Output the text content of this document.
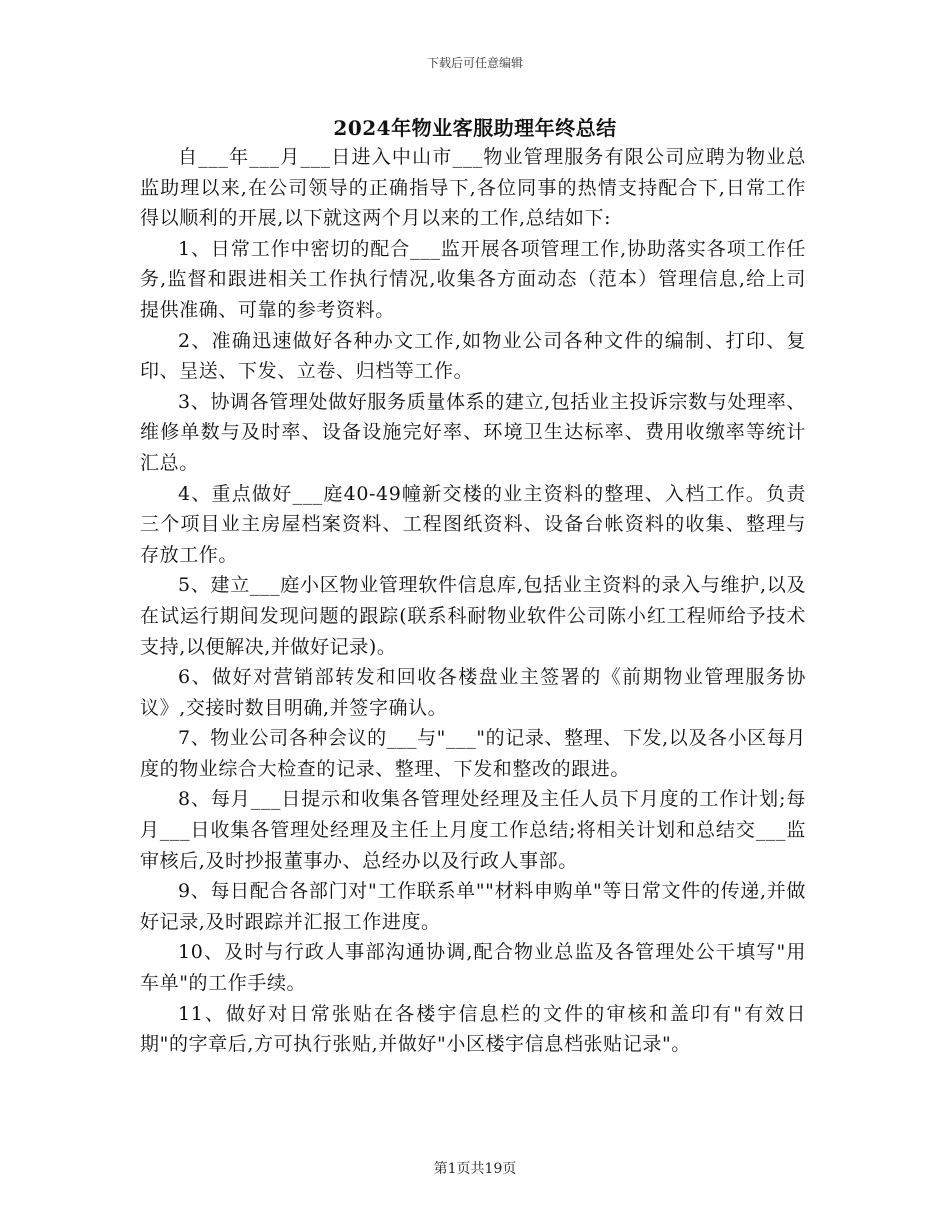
下载后可任意编辑
2024年物业客服助理年终总结

自___年___月___日进入中山市___物业管理服务有限公司应聘为物业总监助理以来,在公司领导的正确指导下,各位同事的热情支持配合下,日常工作得以顺利的开展,以下就这两个月以来的工作,总结如下:

1、日常工作中密切的配合___监开展各项管理工作,协助落实各项工作任务,监督和跟进相关工作执行情况,收集各方面动态（范本）管理信息,给上司提供准确、可靠的参考资料。

2、准确迅速做好各种办文工作,如物业公司各种文件的编制、打印、复印、呈送、下发、立卷、归档等工作。

3、协调各管理处做好服务质量体系的建立,包括业主投诉宗数与处理率、维修单数与及时率、设备设施完好率、环境卫生达标率、费用收缴率等统计汇总。

4、重点做好___庭40-49幢新交楼的业主资料的整理、入档工作。负责三个项目业主房屋档案资料、工程图纸资料、设备台帐资料的收集、整理与存放工作。

5、建立___庭小区物业管理软件信息库,包括业主资料的录入与维护,以及在试运行期间发现问题的跟踪(联系科耐物业软件公司陈小红工程师给予技术支持,以便解决,并做好记录)。

6、做好对营销部转发和回收各楼盘业主签署的《前期物业管理服务协议》,交接时数目明确,并签字确认。

7、物业公司各种会议的___与"___"的记录、整理、下发,以及各小区每月度的物业综合大检查的记录、整理、下发和整改的跟进。

8、每月___日提示和收集各管理处经理及主任人员下月度的工作计划;每月___日收集各管理处经理及主任上月度工作总结;将相关计划和总结交___监审核后,及时抄报董事办、总经办以及行政人事部。

9、每日配合各部门对"工作联系单""材料申购单"等日常文件的传递,并做好记录,及时跟踪并汇报工作进度。

10、及时与行政人事部沟通协调,配合物业总监及各管理处公干填写"用车单"的工作手续。

11、做好对日常张贴在各楼宇信息栏的文件的审核和盖印有"有效日期"的字章后,方可执行张贴,并做好"小区楼宇信息档张贴记录"。

第1页共19页
